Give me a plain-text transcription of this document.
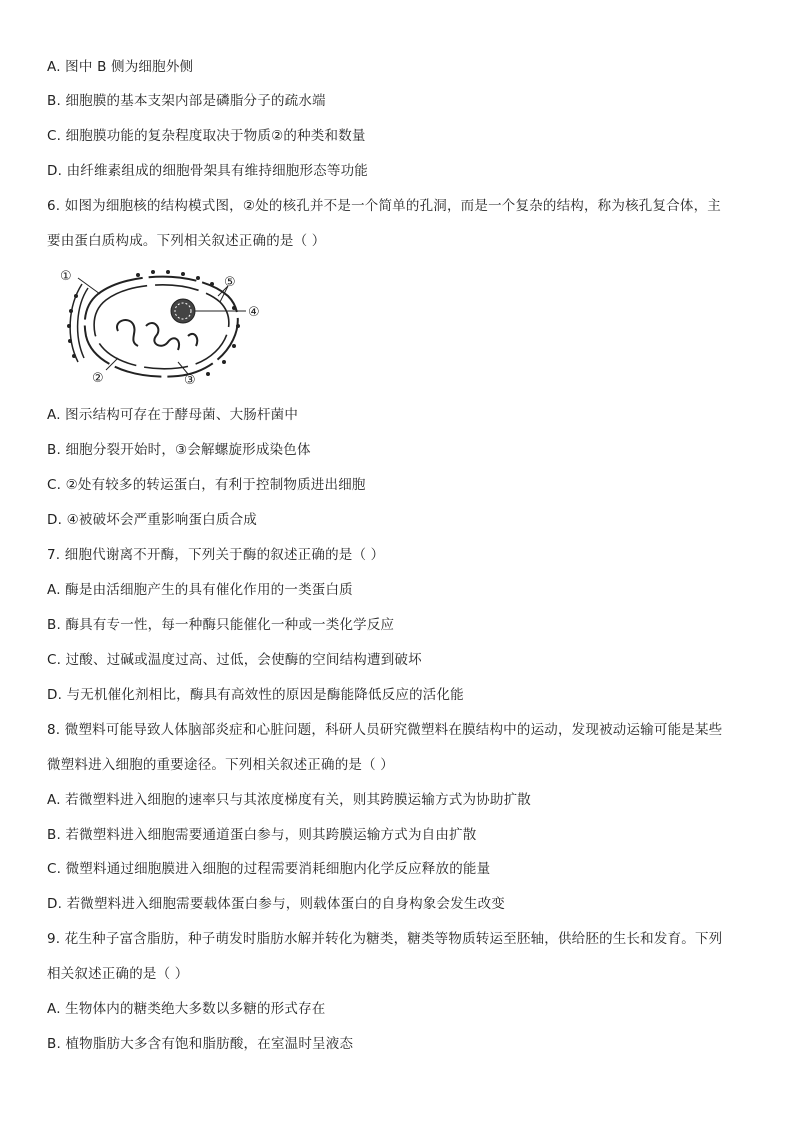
A. 图中 B 侧为细胞外侧
B. 细胞膜的基本支架内部是磷脂分子的疏水端
C. 细胞膜功能的复杂程度取决于物质②的种类和数量
D. 由纤维素组成的细胞骨架具有维持细胞形态等功能
6. 如图为细胞核的结构模式图，②处的核孔并不是一个简单的孔洞，而是一个复杂的结构，称为核孔复合体，主
要由蛋白质构成。下列相关叙述正确的是（ ）
①
②	③
④
⑤
A. 图示结构可存在于酵母菌、大肠杆菌中
B. 细胞分裂开始时，③会解螺旋形成染色体
C. ②处有较多的转运蛋白，有利于控制物质进出细胞
D. ④被破坏会严重影响蛋白质合成
7. 细胞代谢离不开酶，下列关于酶的叙述正确的是（ ）
A. 酶是由活细胞产生的具有催化作用的一类蛋白质
B. 酶具有专一性，每一种酶只能催化一种或一类化学反应
C. 过酸、过碱或温度过高、过低，会使酶的空间结构遭到破坏
D. 与无机催化剂相比，酶具有高效性的原因是酶能降低反应的活化能
8. 微塑料可能导致人体脑部炎症和心脏问题，科研人员研究微塑料在膜结构中的运动，发现被动运输可能是某些
微塑料进入细胞的重要途径。下列相关叙述正确的是（ ）
A. 若微塑料进入细胞的速率只与其浓度梯度有关，则其跨膜运输方式为协助扩散
B. 若微塑料进入细胞需要通道蛋白参与，则其跨膜运输方式为自由扩散
C. 微塑料通过细胞膜进入细胞的过程需要消耗细胞内化学反应释放的能量
D. 若微塑料进入细胞需要载体蛋白参与，则载体蛋白的自身构象会发生改变
9. 花生种子富含脂肪，种子萌发时脂肪水解并转化为糖类，糖类等物质转运至胚轴，供给胚的生长和发育。下列
相关叙述正确的是（ ）
A. 生物体内的糖类绝大多数以多糖的形式存在
B. 植物脂肪大多含有饱和脂肪酸，在室温时呈液态
